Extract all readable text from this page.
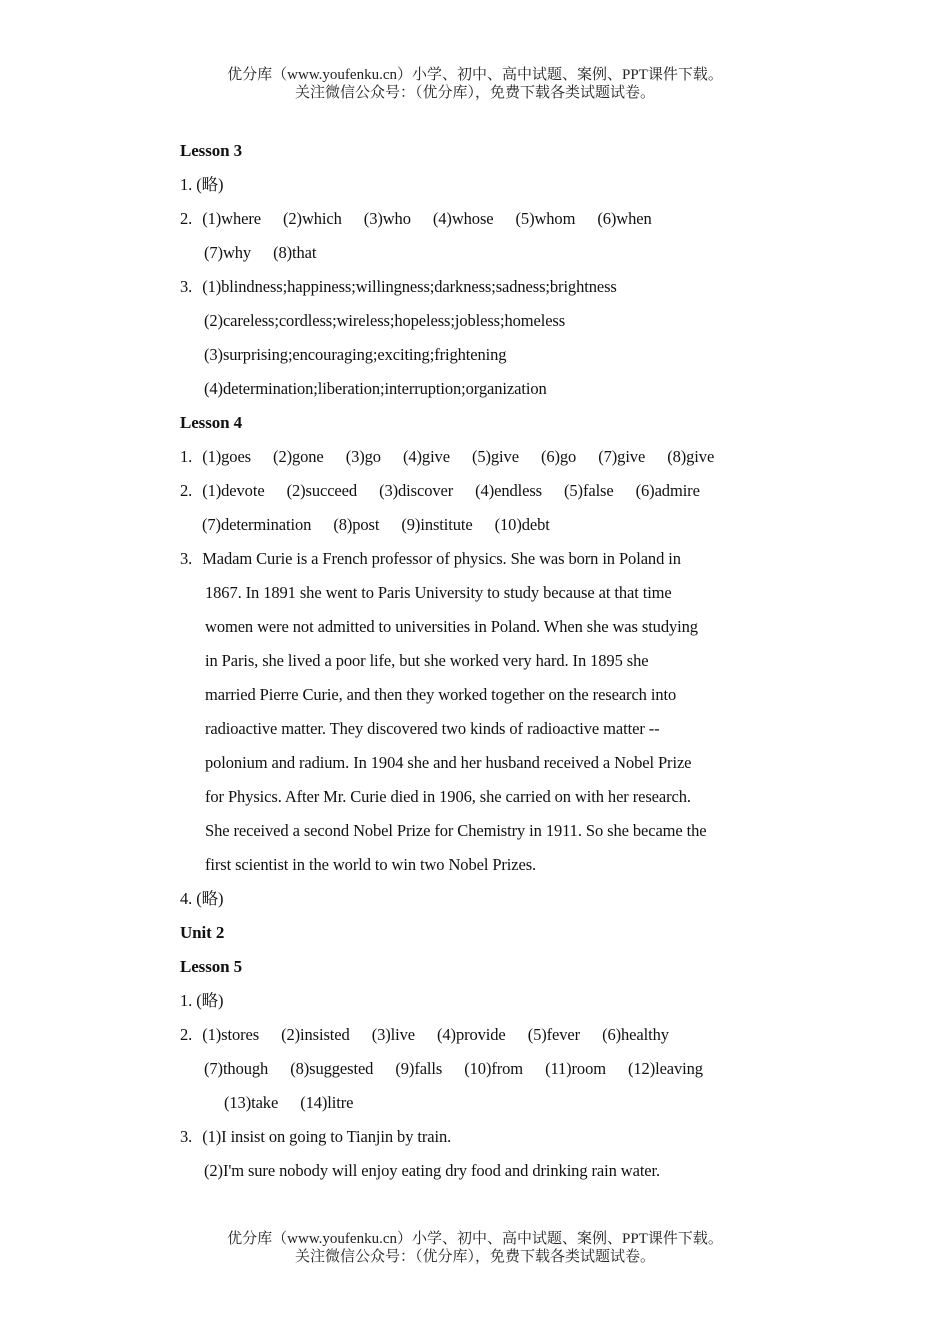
优分库（www.youfenku.cn）小学、初中、高中试题、案例、PPT课件下载。
关注微信公众号：（优分库），免费下载各类试题试卷。
Lesson 3
1. (略)
2. (1)where (2)which (3)who (4)whose (5)whom (6)when
(7)why (8)that
3. (1)blindness;happiness;willingness;darkness;sadness;brightness
(2)careless;cordless;wireless;hopeless;jobless;homeless
(3)surprising;encouraging;exciting;frightening
(4)determination;liberation;interruption;organization
Lesson 4
1. (1)goes (2)gone (3)go (4)give (5)give (6)go (7)give (8)give
2. (1)devote (2)succeed (3)discover (4)endless (5)false (6)admire
(7)determination (8)post (9)institute (10)debt
3. Madam Curie is a French professor of physics. She was born in Poland in
1867. In 1891 she went to Paris University to study because at that time
women were not admitted to universities in Poland. When she was studying
in Paris, she lived a poor life, but she worked very hard. In 1895 she
married Pierre Curie, and then they worked together on the research into
radioactive matter. They discovered two kinds of radioactive matter --
polonium and radium. In 1904 she and her husband received a Nobel Prize
for Physics. After Mr. Curie died in 1906, she carried on with her research.
She received a second Nobel Prize for Chemistry in 1911. So she became the
first scientist in the world to win two Nobel Prizes.
4. (略)
Unit 2
Lesson 5
1. (略)
2. (1)stores (2)insisted (3)live (4)provide (5)fever (6)healthy
(7)though (8)suggested (9)falls (10)from (11)room (12)leaving
(13)take (14)litre
3. (1)I insist on going to Tianjin by train.
(2)I'm sure nobody will enjoy eating dry food and drinking rain water.
优分库（www.youfenku.cn）小学、初中、高中试题、案例、PPT课件下载。
关注微信公众号：（优分库），免费下载各类试题试卷。
